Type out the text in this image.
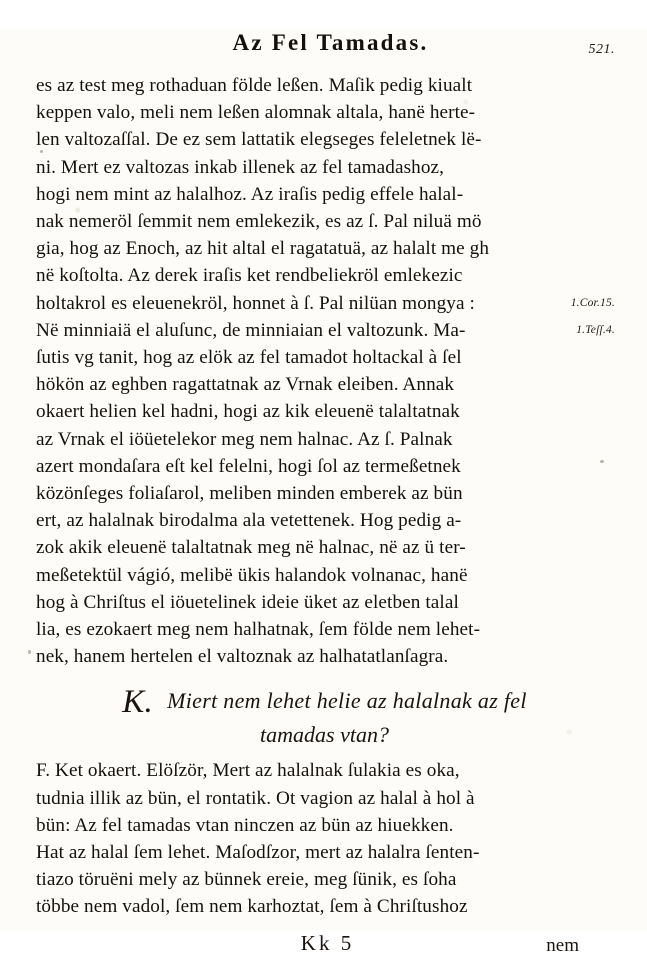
Az Fel Tamadas.	521.

es az test meg rothaduan földe leßen. Maſik pedig kiualt

keppen valo, meli nem leßen alomnak altala, hanë herte-

len valtozaſſal. De ez sem lattatik elegseges feleletnek lë-

ni. Mert ez valtozas inkab illenek az fel tamadashoz,

hogi nem mint az halalhoz. Az iraſis pedig effele halal-

nak nemeröl ſemmit nem emlekezik, es az ſ. Pal niluä mö

gia, hog az Enoch, az hit altal el ragatatuä, az halalt me gh

në koſtolta. Az derek iraſis ket rendbeliekröl emlekezic

holtakrol es eleuenekröl, honnet à ſ. Pal nilüan mongya :	1.Cor.15.

Në minniaiä el aluſunc, de minniaian el valtozunk. Ma-	1.Teſſ.4.

ſutis vg tanit, hog az elök az fel tamadot holtackal à ſel

hökön az eghben ragattatnak az Vrnak eleiben. Annak

okaert helien kel hadni, hogi az kik eleuenë talaltatnak

az Vrnak el iöüetelekor meg nem halnac. Az ſ. Palnak

azert mondaſara eſt kel felelni, hogi ſol az termeßetnek

közönſeges foliaſarol, meliben minden emberek az bün

ert, az halalnak birodalma ala vetettenek. Hog pedig a-

zok akik eleuenë talaltatnak meg në halnac, në az ü ter-

meßetektül vágió, melibë ükis halandok volnanac, hanë

hog à Chriſtus el iöuetelinek ideie üket az eletben talal

lia, es ezokaert meg nem halhatnak, ſem földe nem lehet-

nek, hanem hertelen el valtoznak az halhatatlanſagra.

K. Miert nem lehet helie az halalnak az fel
tamadas vtan?

F. Ket okaert. Elöſzör, Mert az halalnak ſulakia es oka,

tudnia illik az bün, el rontatik. Ot vagion az halal à hol à

bün: Az fel tamadas vtan ninczen az bün az hiuekken.

Hat az halal ſem lehet. Maſodſzor, mert az halalra ſenten-

tiazo töruëni mely az bünnek ereie, meg ſünik, es ſoha

többe nem vadol, ſem nem karhoztat, ſem à Chriſtushoz

Kk 5	nem
